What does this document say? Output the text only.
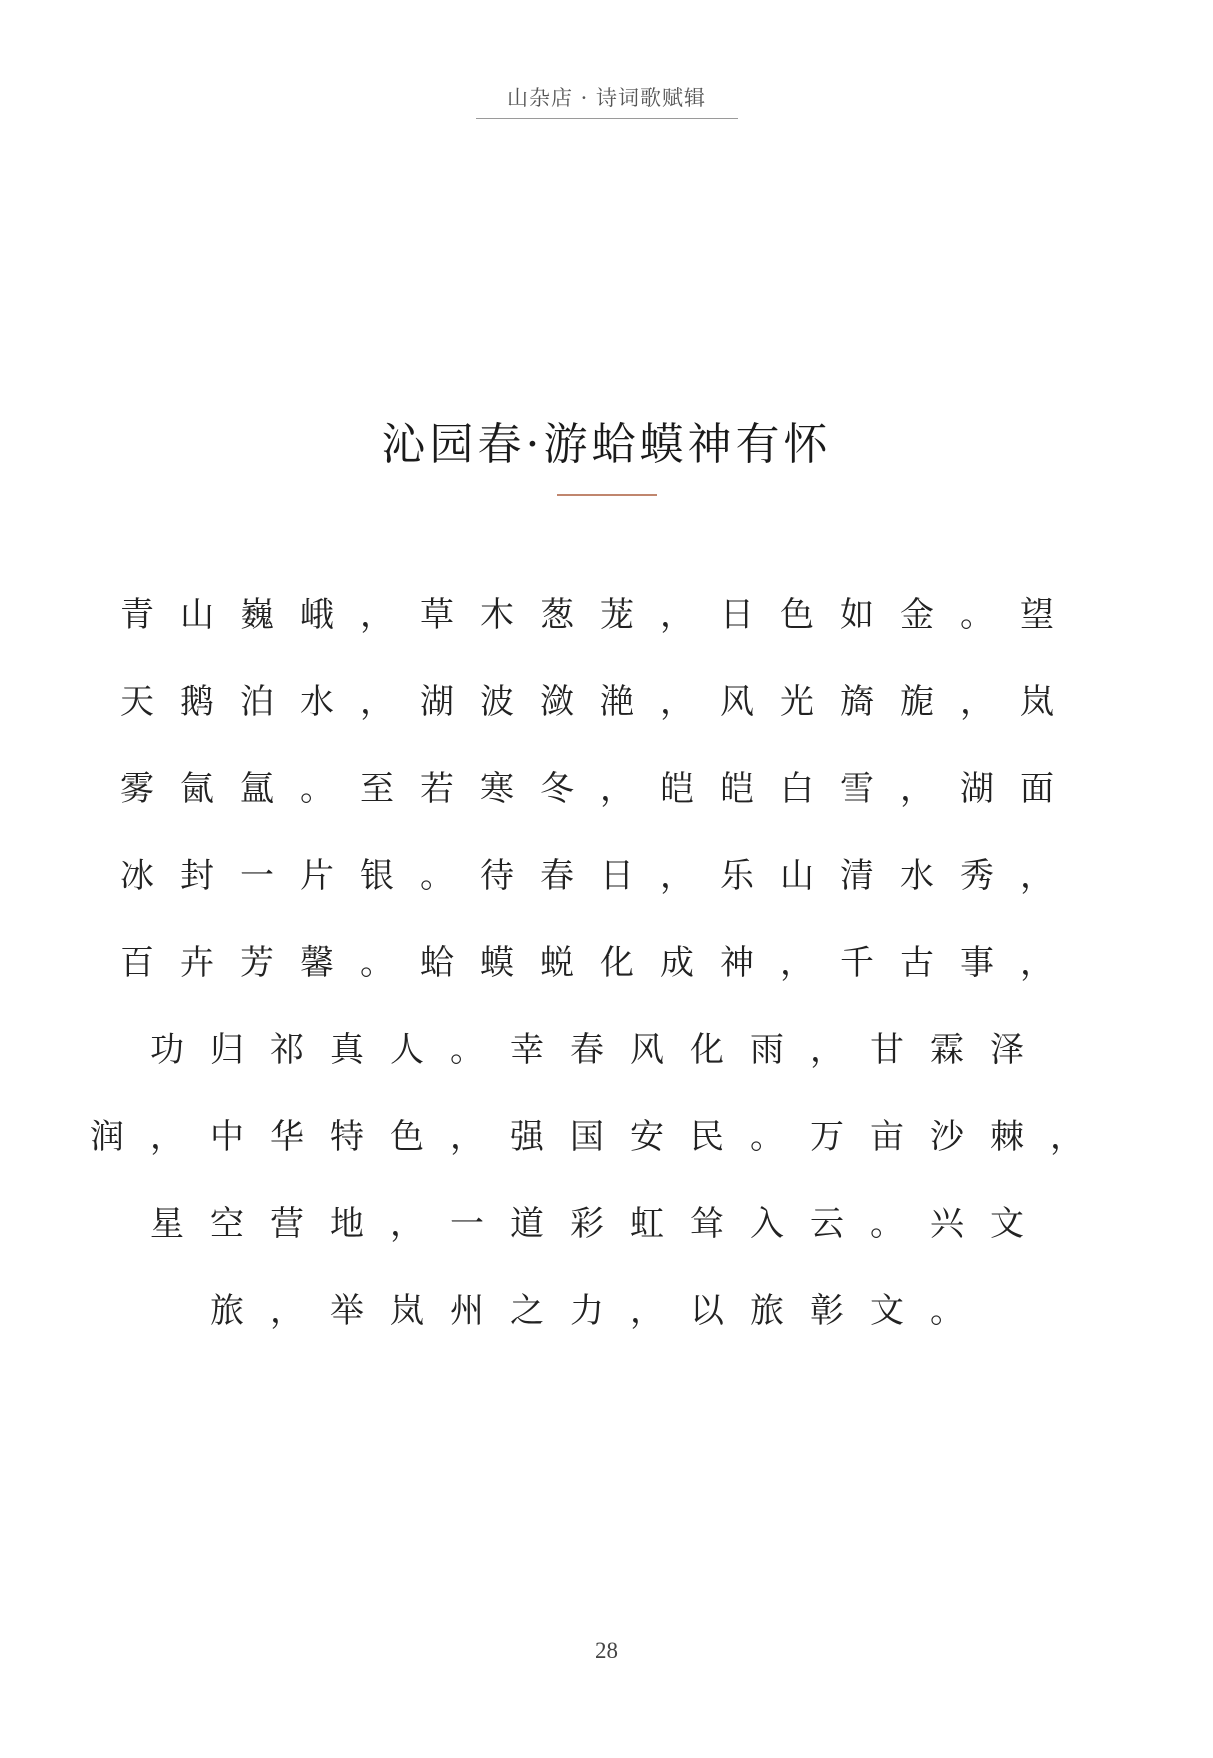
山杂店 · 诗词歌赋辑
沁园春·游蛤蟆神有怀
青山巍峨，草木葱茏，日色如金。望
天鹅泊水，湖波潋滟，风光旖旎，岚
雾氤氲。至若寒冬，皑皑白雪，湖面
冰封一片银。待春日，乐山清水秀，
百卉芳馨。蛤蟆蜕化成神，千古事，
功归祁真人。幸春风化雨，甘霖泽
润，中华特色，强国安民。万亩沙棘，
星空营地，一道彩虹耸入云。兴文
旅，举岚州之力，以旅彰文。
28
